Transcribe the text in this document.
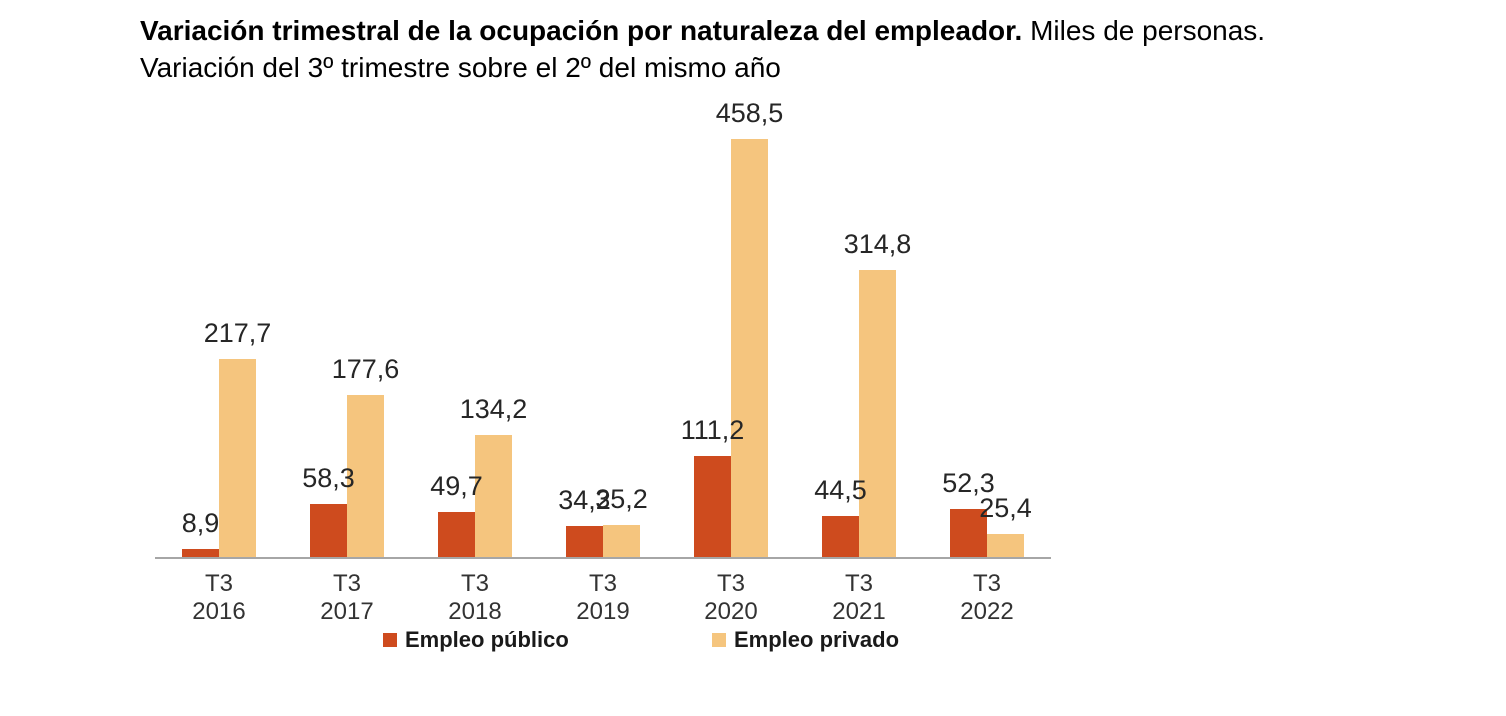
Variación trimestral de la ocupación por naturaleza del empleador. Miles de personas.
Variación del 3º trimestre sobre el 2º del mismo año
8,9
217,7
T3
2016
58,3
177,6
T3
2017
49,7
134,2
T3
2018
34,2
35,2
T3
2019
111,2
458,5
T3
2020
44,5
314,8
T3
2021
52,3
25,4
T3
2022
Empleo público	Empleo privado
